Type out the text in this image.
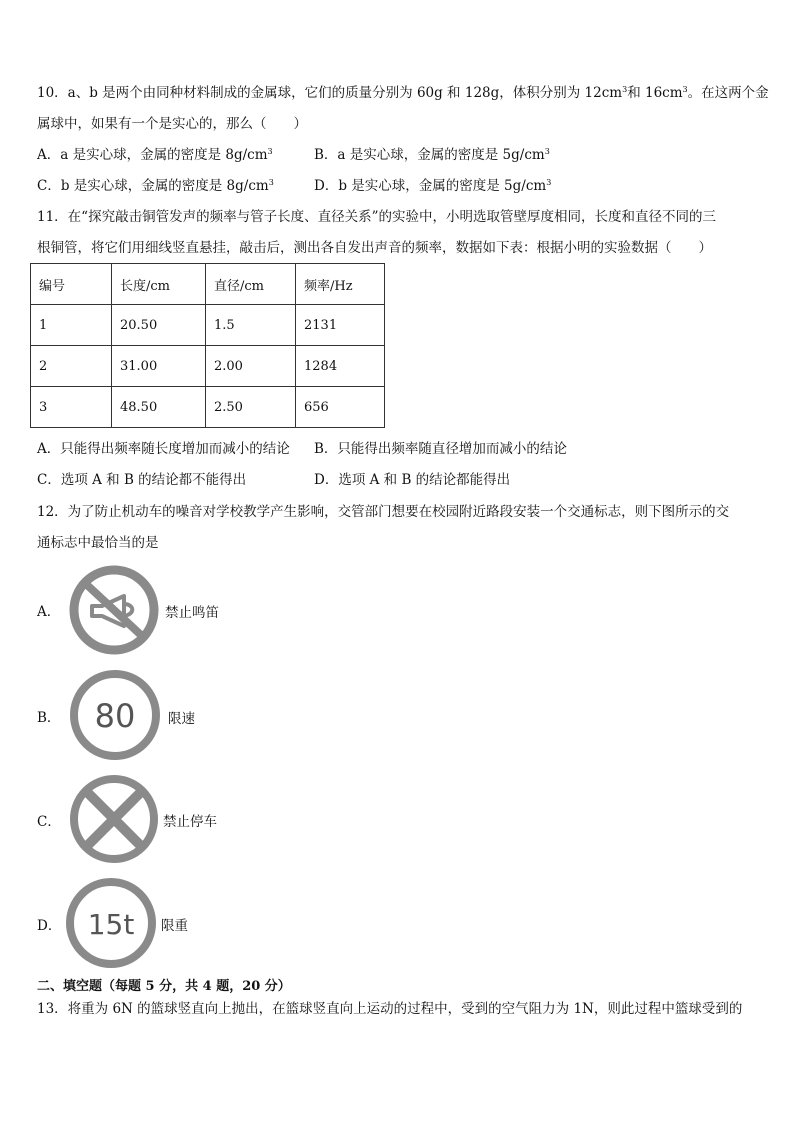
10．a、b 是两个由同种材料制成的金属球，它们的质量分别为 60g 和 128g，体积分别为 $12cm^3$和 $16cm^3$。在这两个金
属球中，如果有一个是实心的，那么（　　）
A．a 是实心球，金属的密度是 $8g/cm^3$	B．a 是实心球，金属的密度是 $5g/cm^3$
C．b 是实心球，金属的密度是 $8g/cm^3$	D．b 是实心球，金属的密度是 $5g/cm^3$
11．在“探究敲击铜管发声的频率与管子长度、直径关系”的实验中，小明选取管壁厚度相同，长度和直径不同的三
根铜管，将它们用细线竖直悬挂，敲击后，测出各自发出声音的频率，数据如下表：根据小明的实验数据（　　）
编号	长度/cm	直径/cm	频率/Hz
1	20.50	1.5	2131
2	31.00	2.00	1284
3	48.50	2.50	656
A．只能得出频率随长度增加而减小的结论 B．只能得出频率随直径增加而减小的结论
C．选项 A 和 B 的结论都不能得出	D．选项 A 和 B 的结论都能得出
12．为了防止机动车的噪音对学校教学产生影响，交管部门想要在校园附近路段安装一个交通标志，则下图所示的交
通标志中最恰当的是
A．	禁止鸣笛
B． 80 限速
C．	禁止停车
D． 15t 限重
二、填空题（每题 5 分，共 4 题，20 分）
13．将重为 6N 的篮球竖直向上抛出，在篮球竖直向上运动的过程中，受到的空气阻力为 1N，则此过程中篮球受到的
